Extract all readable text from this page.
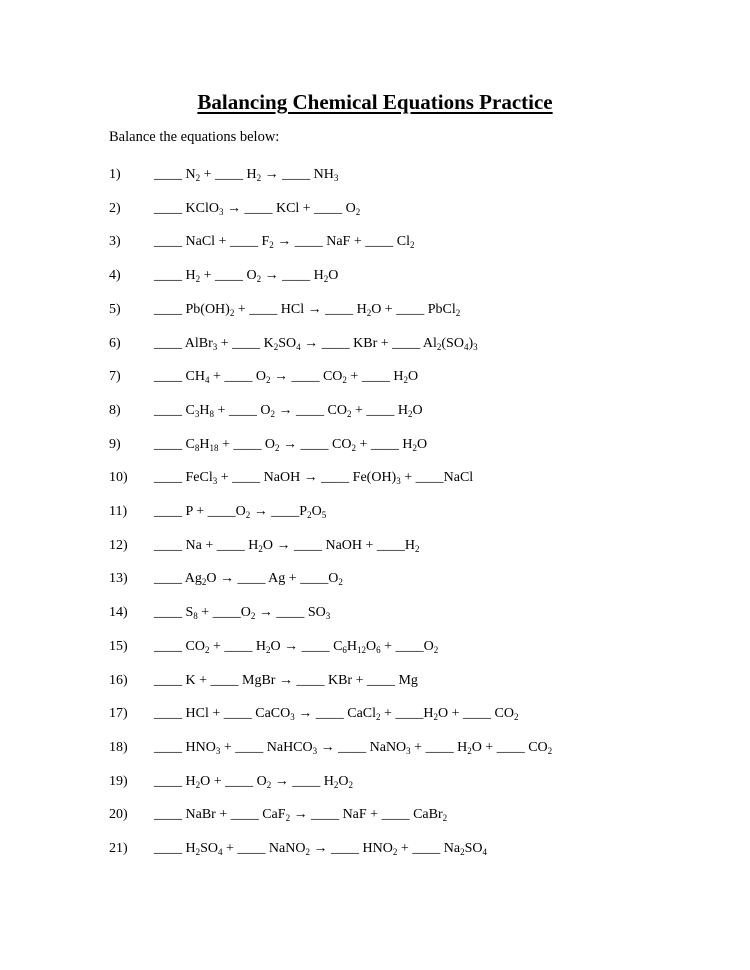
Balancing Chemical Equations Practice
Balance the equations below:
1) ____ $N_2$ + ____ $H_2$ → ____ $NH_3$
2) ____ KClO$_3$ → ____ KCl + ____ $O_2$
3) ____ NaCl + ____ $F_2$ → ____ NaF + ____ $Cl_2$
4) ____ $H_2$ + ____ $O_2$ → ____ $H_2O$
5) ____ $Pb(OH)_2$ + ____ HCl → ____ $H_2O$ + ____ PbCl$_2$
6) ____ AlBr$_3$ + ____ $K_2SO_4$ → ____ KBr + ____ $Al_2(SO_4)_3$
7) ____ $CH_4$ + ____ $O_2$ → ____ $CO_2$ + ____ $H_2O$
8) ____ $C_3H_8$ + ____ $O_2$ → ____ $CO_2$ + ____ $H_2O$
9) ____ $C_8H_{18}$ + ____ $O_2$ → ____ $CO_2$ + ____ $H_2O$
10) ____ FeCl$_3$ + ____ NaOH → ____ $Fe(OH)_3$ + ____NaCl
11) ____ $P + \_\_\_\_O_2$ → $\_\_\_\_P_2O_5$
12) ____ Na + ____ $H_2O$ → ____ NaOH + $\_\_\_\_H_2$
13) ____ $Ag_2O$ → ____ $Ag + \_\_\_\_O_2$
14) ____ $S_8$ + $\_\_\_\_O_2$ → ____ $SO_3$
15) ____ $CO_2$ + ____ $H_2O$ → ____ $C_6H_{12}O_6$ + $\_\_\_\_O_2$
16) ____ K + ____ MgBr → ____ KBr + ____ Mg
17) ____ HCl + ____ CaCO$_3$ → ____ CaCl$_2$ + $\_\_\_\_H_2O$ + ____ $CO_2$
18) ____ $HNO_3$ + ____ NaHCO$_3$ → ____ NaNO$_3$ + ____ $H_2O$ + ____ $CO_2$
19) ____ $H_2O$ + ____ $O_2$ → ____ $H_2O_2$
20) ____ NaBr + ____ CaF$_2$ → ____ NaF + ____ CaBr$_2$
21) ____ $H_2SO_4$ + ____ NaNO$_2$ → ____ $HNO_2$ + ____ $Na_2SO_4$
